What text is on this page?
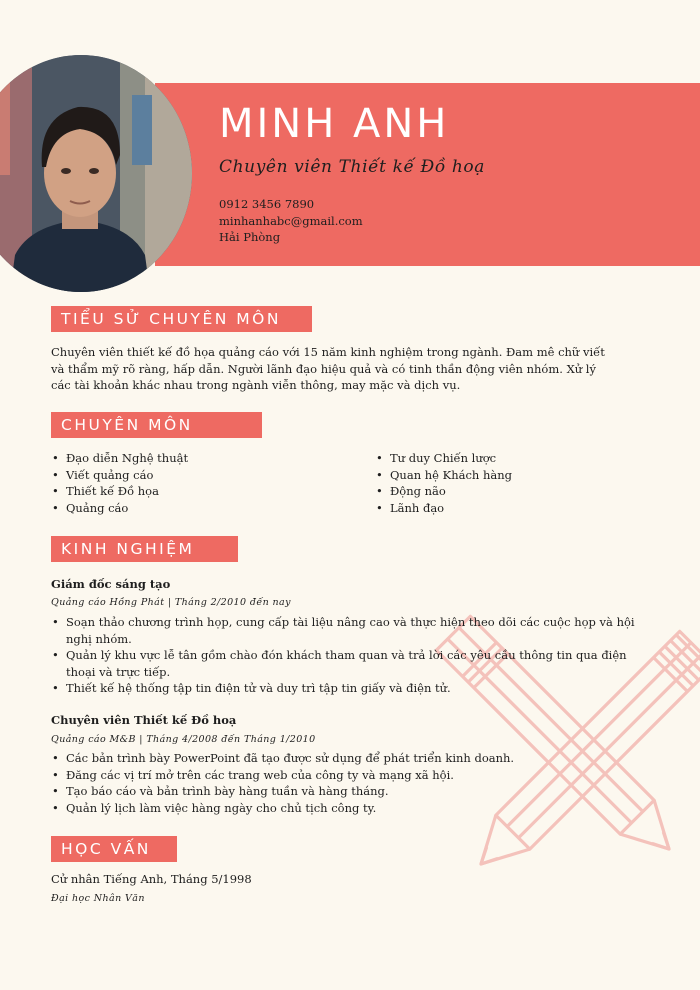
MINH ANH

Chuyên viên Thiết kế Đồ hoạ

0912 3456 7890
minhanhabc@gmail.com
Hải Phòng
TIỂU SỬ CHUYÊN MÔN

Chuyên viên thiết kế đồ họa quảng cáo với 15 năm kinh nghiệm trong ngành. Đam mê chữ viết và thẩm mỹ rõ ràng, hấp dẫn. Người lãnh đạo hiệu quả và có tinh thần động viên nhóm. Xử lý các tài khoản khác nhau trong ngành viễn thông, may mặc và dịch vụ.

CHUYÊN MÔN
• Đạo diễn Nghệ thuật
• Viết quảng cáo
• Thiết kế Đồ họa
• Quảng cáo
• Tư duy Chiến lược
• Quan hệ Khách hàng
• Động não
• Lãnh đạo
KINH NGHIỆM
Giám đốc sáng tạo
Quảng cáo Hồng Phát | Tháng 2/2010 đến nay
• Soạn thảo chương trình họp, cung cấp tài liệu nâng cao và thực hiện theo dõi các cuộc họp và hội nghị nhóm.
• Quản lý khu vực lễ tân gồm chào đón khách tham quan và trả lời các yêu cầu thông tin qua điện thoại và trực tiếp.
• Thiết kế hệ thống tập tin điện tử và duy trì tập tin giấy và điện tử.
Chuyên viên Thiết kế Đồ hoạ
Quảng cáo M&B | Tháng 4/2008 đến Tháng 1/2010
• Các bản trình bày PowerPoint đã tạo được sử dụng để phát triển kinh doanh.
• Đăng các vị trí mở trên các trang web của công ty và mạng xã hội.
• Tạo báo cáo và bản trình bày hàng tuần và hàng tháng.
• Quản lý lịch làm việc hàng ngày cho chủ tịch công ty.
HỌC VẤN
Cử nhân Tiếng Anh, Tháng 5/1998
Đại học Nhân Văn
